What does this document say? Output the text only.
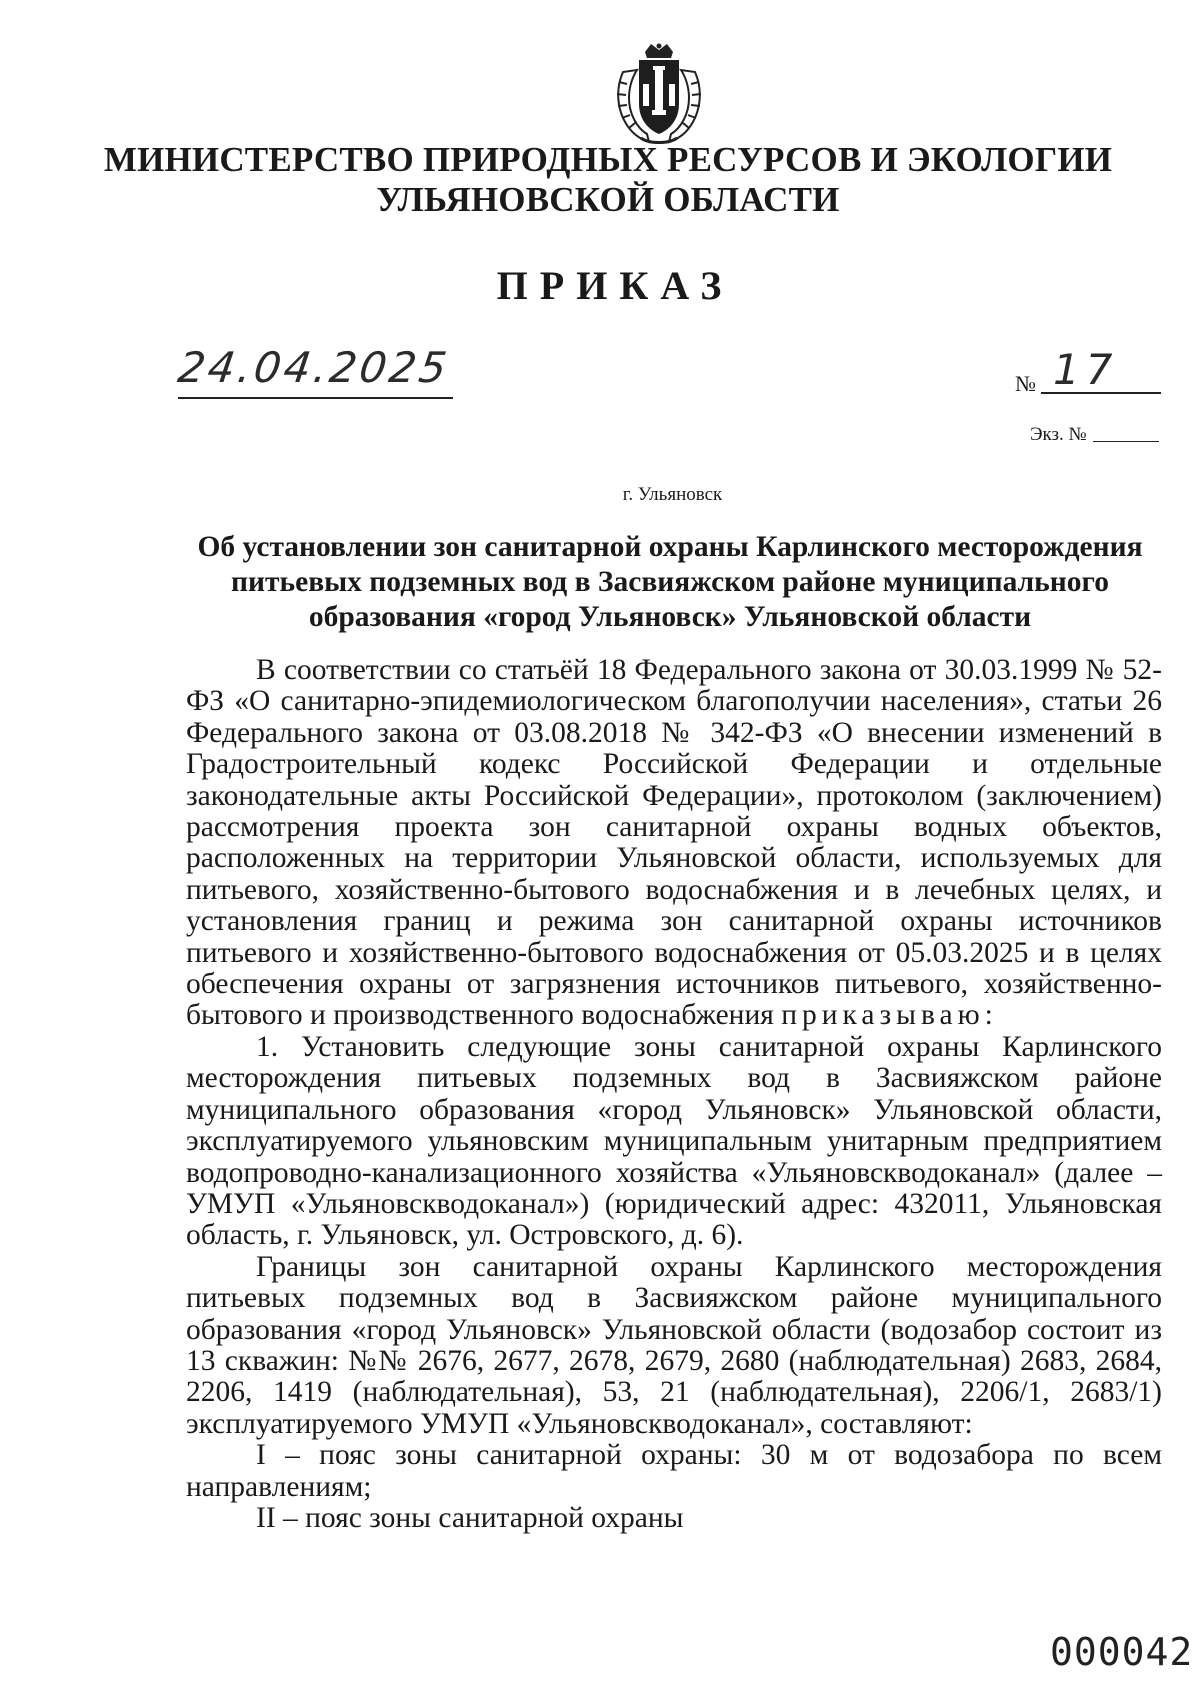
МИНИСТЕРСТВО ПРИРОДНЫХ РЕСУРСОВ И ЭКОЛОГИИ
УЛЬЯНОВСКОЙ ОБЛАСТИ
ПРИКАЗ
24.04.2025	№ 17
Экз. №
г. Ульяновск
Об установлении зон санитарной охраны Карлинского месторождения питьевых подземных вод в Засвияжском районе муниципального образования «город Ульяновск» Ульяновской области

В соответствии со статьёй 18 Федерального закона от 30.03.1999 № 52-ФЗ «О санитарно-эпидемиологическом благополучии населения», статьи 26 Федерального закона от 03.08.2018 № 342-ФЗ «О внесении изменений в Градостроительный кодекс Российской Федерации и отдельные законодательные акты Российской Федерации», протоколом (заключением) рассмотрения проекта зон санитарной охраны водных объектов, расположенных на территории Ульяновской области, используемых для питьевого, хозяйственно-бытового водоснабжения и в лечебных целях, и установления границ и режима зон санитарной охраны источников питьевого и хозяйственно-бытового водоснабжения от 05.03.2025 и в целях обеспечения охраны от загрязнения источников питьевого, хозяйственно-бытового и производственного водоснабжения приказываю:

1. Установить следующие зоны санитарной охраны Карлинского месторождения питьевых подземных вод в Засвияжском районе муниципального образования «город Ульяновск» Ульяновской области, эксплуатируемого ульяновским муниципальным унитарным предприятием водопроводно-канализационного хозяйства «Ульяновскводоканал» (далее – УМУП «Ульяновскводоканал») (юридический адрес: 432011, Ульяновская область, г. Ульяновск, ул. Островского, д. 6).

Границы зон санитарной охраны Карлинского месторождения питьевых подземных вод в Засвияжском районе муниципального образования «город Ульяновск» Ульяновской области (водозабор состоит из 13 скважин: №№ 2676, 2677, 2678, 2679, 2680 (наблюдательная) 2683, 2684, 2206, 1419 (наблюдательная), 53, 21 (наблюдательная), 2206/1, 2683/1) эксплуатируемого УМУП «Ульяновскводоканал», составляют:

I – пояс зоны санитарной охраны: 30 м от водозабора по всем направлениям;

II – пояс зоны санитарной охраны

000042
